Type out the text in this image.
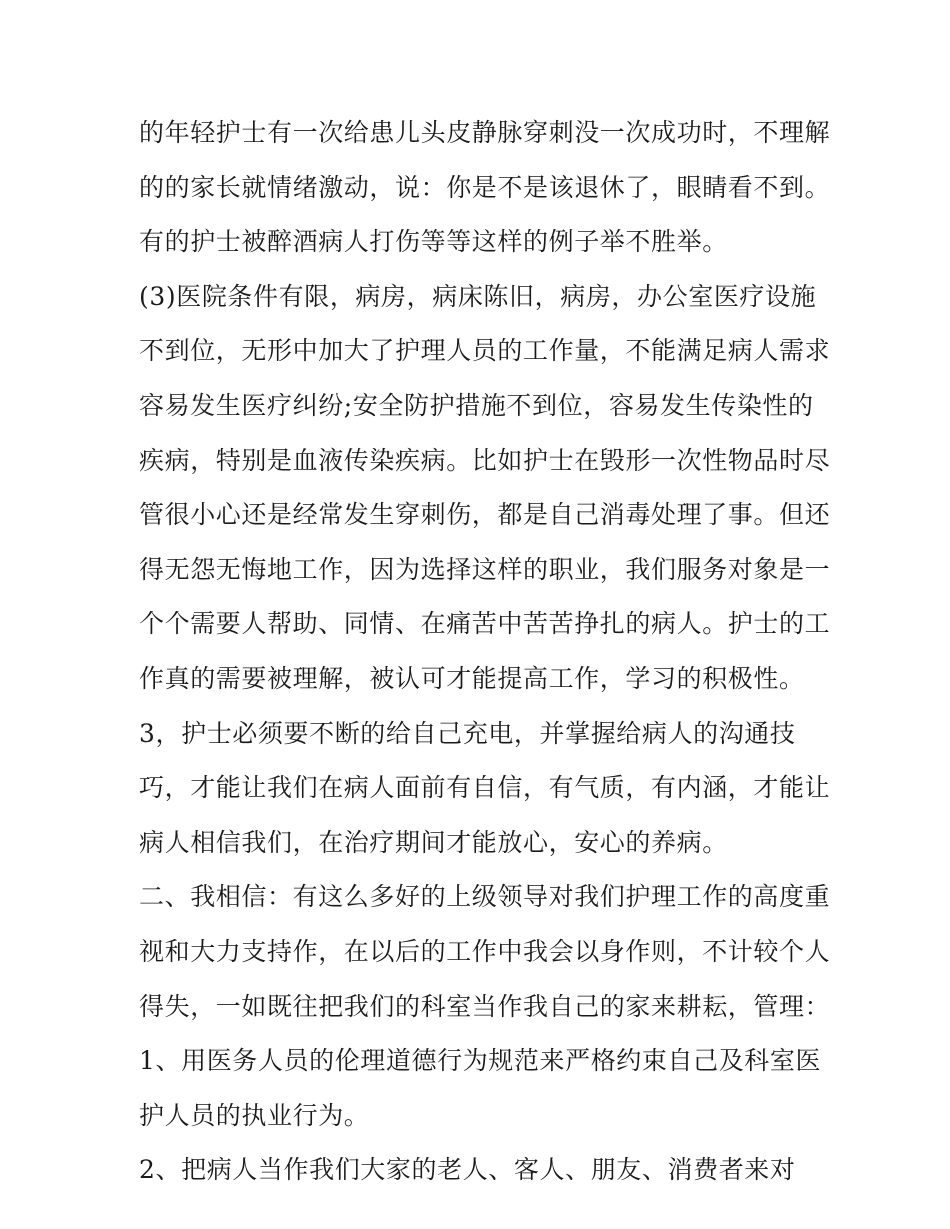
的年轻护士有一次给患儿头皮静脉穿刺没一次成功时，不理解
的的家长就情绪激动，说：你是不是该退休了，眼睛看不到。
有的护士被醉酒病人打伤等等这样的例子举不胜举。
(3)医院条件有限，病房，病床陈旧，病房，办公室医疗设施
不到位，无形中加大了护理人员的工作量，不能满足病人需求
容易发生医疗纠纷;安全防护措施不到位，容易发生传染性的
疾病，特别是血液传染疾病。比如护士在毁形一次性物品时尽
管很小心还是经常发生穿刺伤，都是自己消毒处理了事。但还
得无怨无悔地工作，因为选择这样的职业，我们服务对象是一
个个需要人帮助、同情、在痛苦中苦苦挣扎的病人。护士的工
作真的需要被理解，被认可才能提高工作，学习的积极性。
3，护士必须要不断的给自己充电，并掌握给病人的沟通技
巧，才能让我们在病人面前有自信，有气质，有内涵，才能让
病人相信我们，在治疗期间才能放心，安心的养病。
二、我相信：有这么多好的上级领导对我们护理工作的高度重
视和大力支持作，在以后的工作中我会以身作则，不计较个人
得失，一如既往把我们的科室当作我自己的家来耕耘，管理：
1、用医务人员的伦理道德行为规范来严格约束自己及科室医
护人员的执业行为。
2、把病人当作我们大家的老人、客人、朋友、消费者来对
